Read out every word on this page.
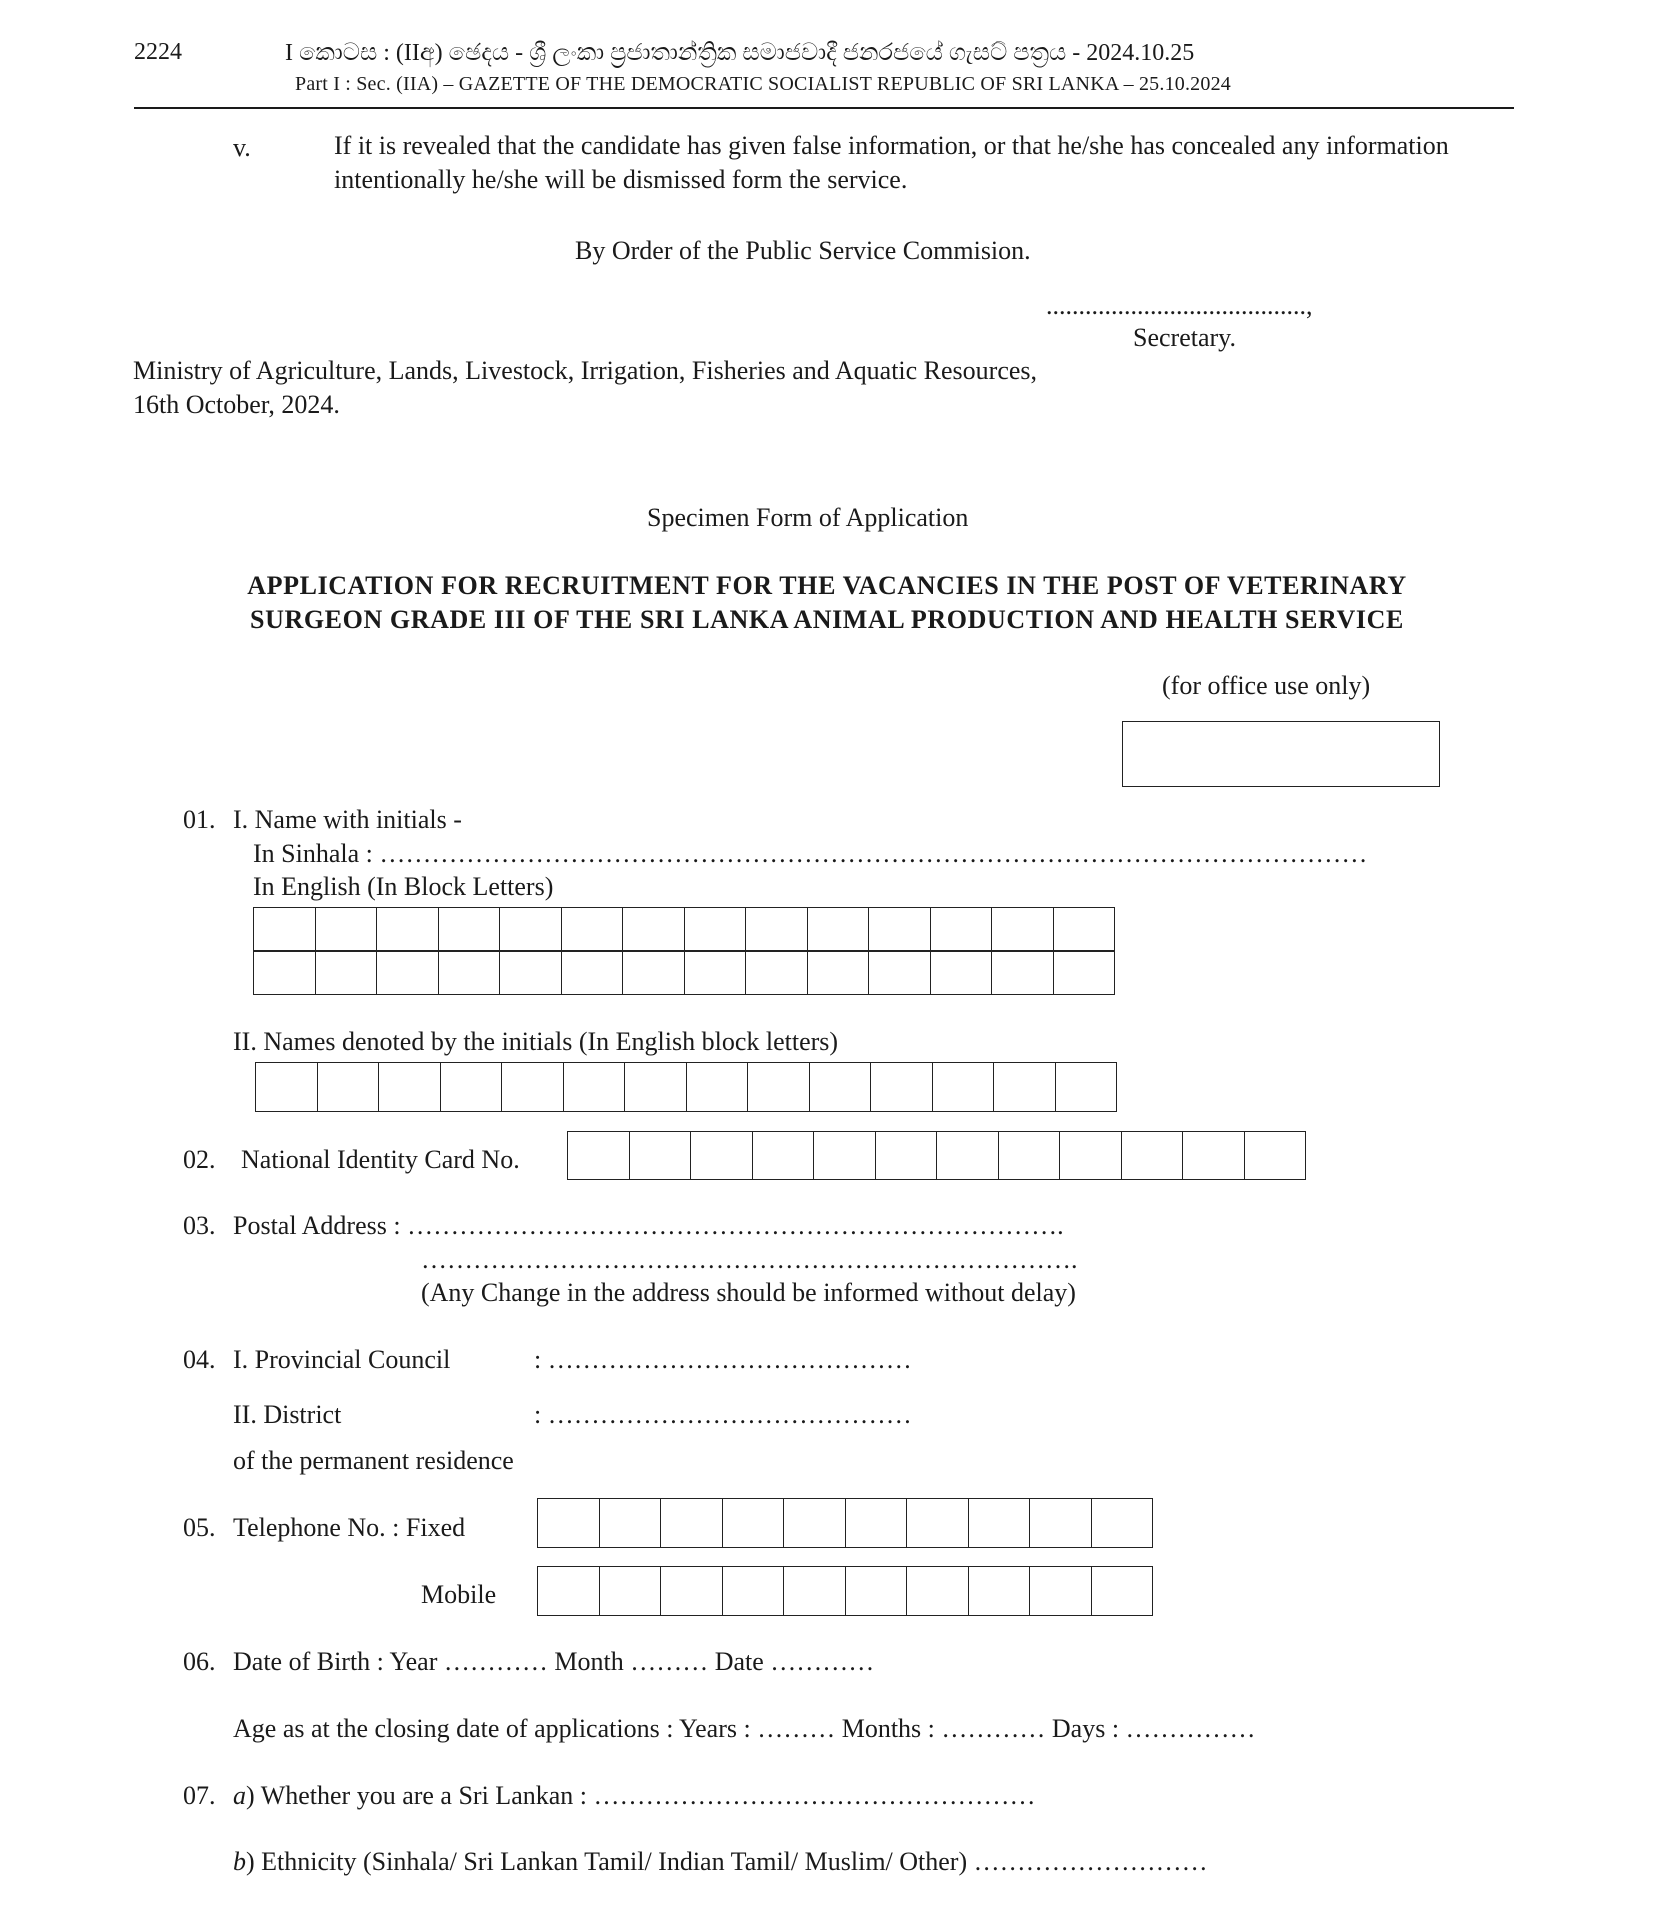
2224	I කොටස : (IIඅ) ඡෙදය - ශ්‍රී ලංකා ප්‍රජාතාන්ත්‍රික සමාජවාදී ජනරජයේ ගැසට් පත්‍රය - 2024.10.25
Part I : Sec. (IIA) – GAZETTE OF THE DEMOCRATIC SOCIALIST REPUBLIC OF SRI LANKA – 25.10.2024
v.	If it is revealed that the candidate has given false information, or that he/she has concealed any information
intentionally he/she will be dismissed form the service.
By Order of the Public Service Commision.
........................................,
Secretary.
Ministry of Agriculture, Lands, Livestock, Irrigation, Fisheries and Aquatic Resources,
16th October, 2024.
Specimen Form of Application
APPLICATION FOR RECRUITMENT FOR THE VACANCIES IN THE POST OF VETERINARY
SURGEON GRADE III OF THE SRI LANKA ANIMAL PRODUCTION AND HEALTH SERVICE
(for office use only)
01. I. Name with initials -
In Sinhala : ……………………………………………………………………………………………………
In English (In Block Letters)
II. Names denoted by the initials (In English block letters)
02. National Identity Card No.
03. Postal Address : ………………………………………………………………….
………………………………………………………………….
(Any Change in the address should be informed without delay)
04. I. Provincial Council	: ……………………………………
II. District	: ……………………………………
of the permanent residence
05. Telephone No. : Fixed
Mobile
06. Date of Birth : Year ………… Month ……… Date …………
Age as at the closing date of applications : Years : ……… Months : ………… Days : ……………
07. a) Whether you are a Sri Lankan : ……………………………………………
b) Ethnicity (Sinhala/ Sri Lankan Tamil/ Indian Tamil/ Muslim/ Other) ………………………
